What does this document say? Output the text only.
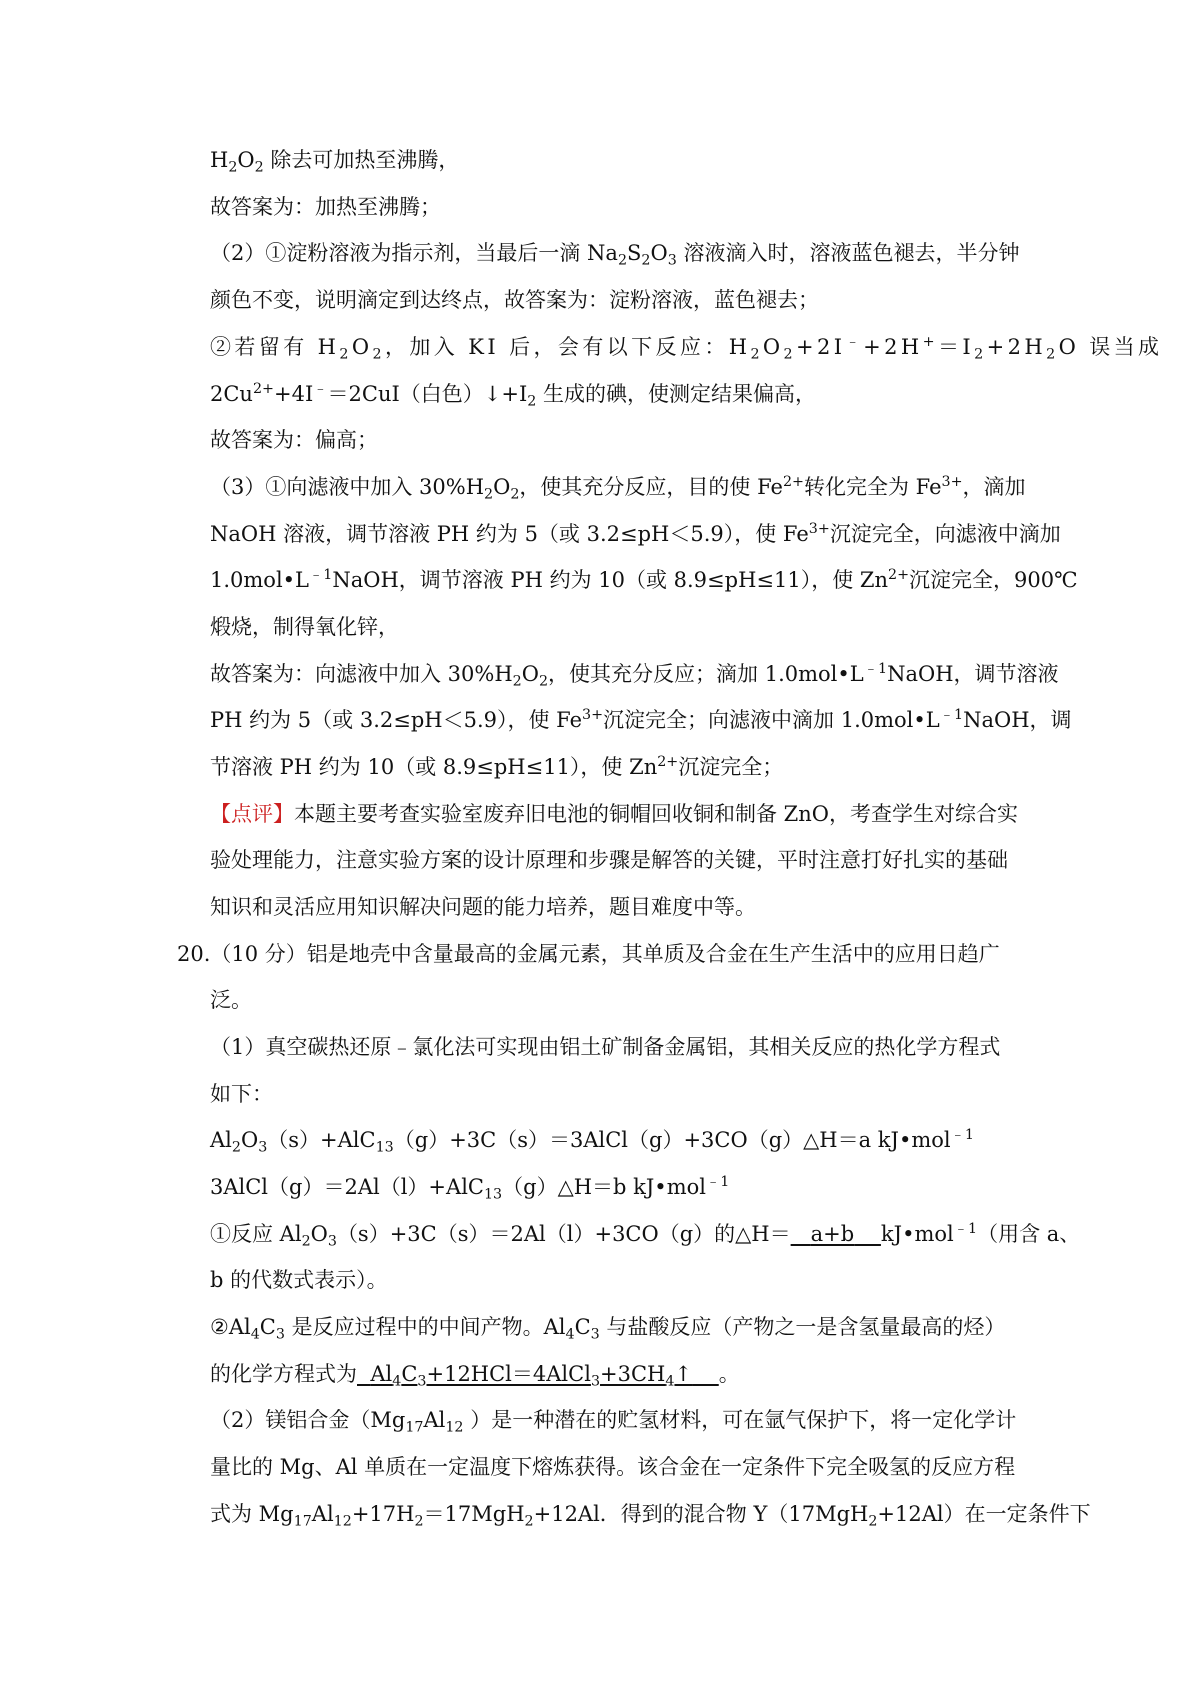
$H_2O_2$ 除去可加热至沸腾，
故答案为：加热至沸腾；
（2）①淀粉溶液为指示剂，当最后一滴 $Na_2S_2O_3$ 溶液滴入时，溶液蓝色褪去，半分钟
颜色不变，说明滴定到达终点，故答案为：淀粉溶液，蓝色褪去；
②若留有 $H_2O_2$，加入 KI 后，会有以下反应：$H_2O_2+2I^﹣+2H^+=I_2+2H_2O$ 误当成
$2Cu^{2+}+4I^﹣=2CuI$（白色）$↓+I_2$ 生成的碘，使测定结果偏高，
故答案为：偏高；
（3）①向滤液中加入 $30\%H_2O_2$，使其充分反应，目的使 $Fe^{2+}$转化完全为 $Fe^{3+}$，滴加
NaOH 溶液，调节溶液 PH 约为 5（或 3.2≤pH＜5.9），使 $Fe^{3+}$沉淀完全，向滤液中滴加
$1.0mol•L^{﹣1}NaOH$，调节溶液 PH 约为 10（或 8.9≤pH≤11），使 $Zn^{2+}$沉淀完全，900℃
煅烧，制得氧化锌，
故答案为：向滤液中加入 $30\%H_2O_2$，使其充分反应；滴加 $1.0mol•L^{﹣1}NaOH$，调节溶液
PH 约为 5（或 3.2≤pH＜5.9），使 $Fe^{3+}$沉淀完全；向滤液中滴加 $1.0mol•L^{﹣1}NaOH$，调
节溶液 PH 约为 10（或 8.9≤pH≤11），使 $Zn^{2+}$沉淀完全；
【点评】本题主要考查实验室废弃旧电池的铜帽回收铜和制备 ZnO，考查学生对综合实
验处理能力，注意实验方案的设计原理和步骤是解答的关键，平时注意打好扎实的基础
知识和灵活应用知识解决问题的能力培养，题目难度中等。
20.（10 分）铝是地壳中含量最高的金属元素，其单质及合金在生产生活中的应用日趋广
泛。
（1）真空碳热还原﹣氯化法可实现由铝土矿制备金属铝，其相关反应的热化学方程式
如下：
$Al_2O_3(s)+AlC_{13}(g)+3C(s)=3AlCl(g)+3CO(g)\triangle H=a$ kJ•mol$^{﹣1}$
3AlCl（g）＝2Al（l）+AlC$_{13}$（g）△H＝b kJ•mol$^{﹣1}$
①反应 $Al_2O_3(s)+3C(s)=2Al(l)+3CO(g)$的△H＝ a+b kJ•mol$^{﹣1}$（用含 a、
b 的代数式表示）。
$②Al_4C_3$ 是反应过程中的中间产物。$Al_4C_3$ 与盐酸反应（产物之一是含氢量最高的烃）
的化学方程式为 $Al_4C_3+12HCl=4AlCl_3+3CH_4↑$ 。
（2）镁铝合金（$Mg_{17}Al_{12}$ ）是一种潜在的贮氢材料，可在氩气保护下，将一定化学计
量比的 Mg、Al 单质在一定温度下熔炼获得。该合金在一定条件下完全吸氢的反应方程
式为 $Mg_{17}Al_{12}+17H_2=17MgH_2+12Al$．得到的混合物 Y（17MgH$_2$+12Al）在一定条件下
